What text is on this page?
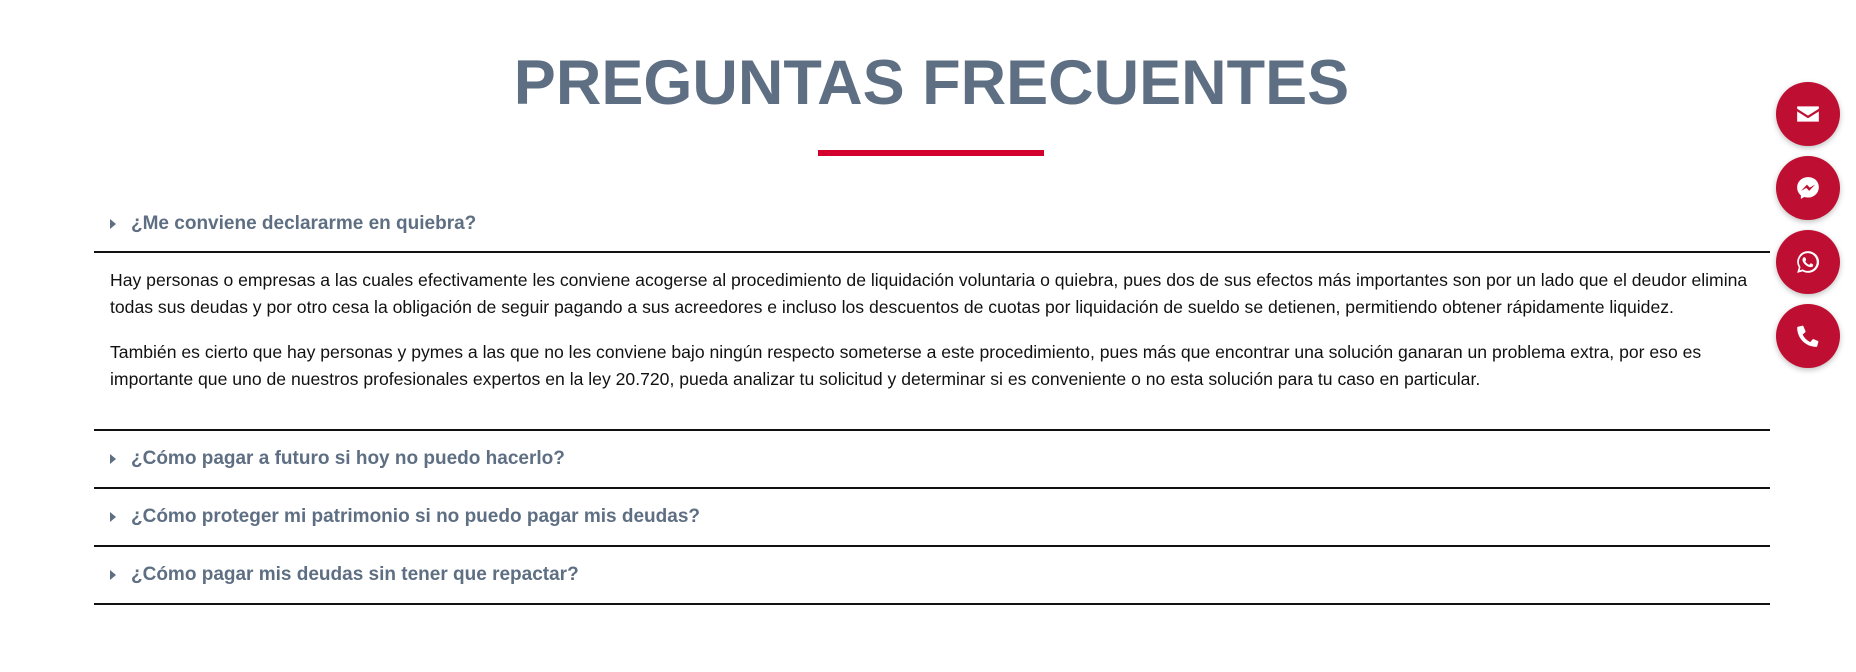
PREGUNTAS FRECUENTES
¿Me conviene declararme en quiebra?

Hay personas o empresas a las cuales efectivamente les conviene acogerse al procedimiento de liquidación voluntaria o quiebra, pues dos de sus efectos más importantes son por un lado que el deudor elimina todas sus deudas y por otro cesa la obligación de seguir pagando a sus acreedores e incluso los descuentos de cuotas por liquidación de sueldo se detienen, permitiendo obtener rápidamente liquidez.

También es cierto que hay personas y pymes a las que no les conviene bajo ningún respecto someterse a este procedimiento, pues más que encontrar una solución ganaran un problema extra, por eso es importante que uno de nuestros profesionales expertos en la ley 20.720, pueda analizar tu solicitud y determinar si es conveniente o no esta solución para tu caso en particular.

¿Cómo pagar a futuro si hoy no puedo hacerlo?
¿Cómo proteger mi patrimonio si no puedo pagar mis deudas?
¿Cómo pagar mis deudas sin tener que repactar?
